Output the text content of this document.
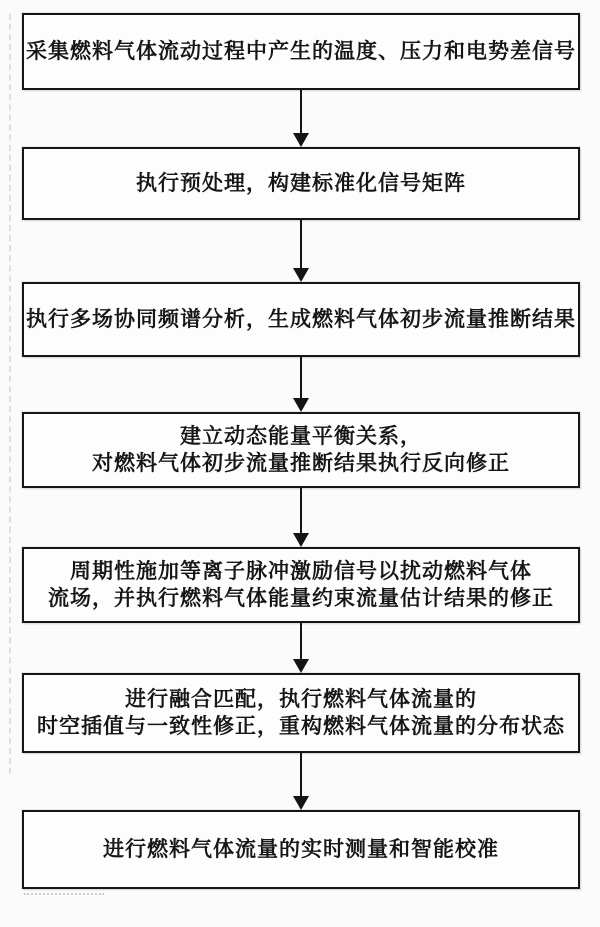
采集燃料气体流动过程中产生的温度、压力和电势差信号
执行预处理，构建标准化信号矩阵
执行多场协同频谱分析，生成燃料气体初步流量推断结果
建立动态能量平衡关系，
对燃料气体初步流量推断结果执行反向修正
周期性施加等离子脉冲激励信号以扰动燃料气体
流场，并执行燃料气体能量约束流量估计结果的修正
进行融合匹配，执行燃料气体流量的
时空插值与一致性修正，重构燃料气体流量的分布状态
进行燃料气体流量的实时测量和智能校准
